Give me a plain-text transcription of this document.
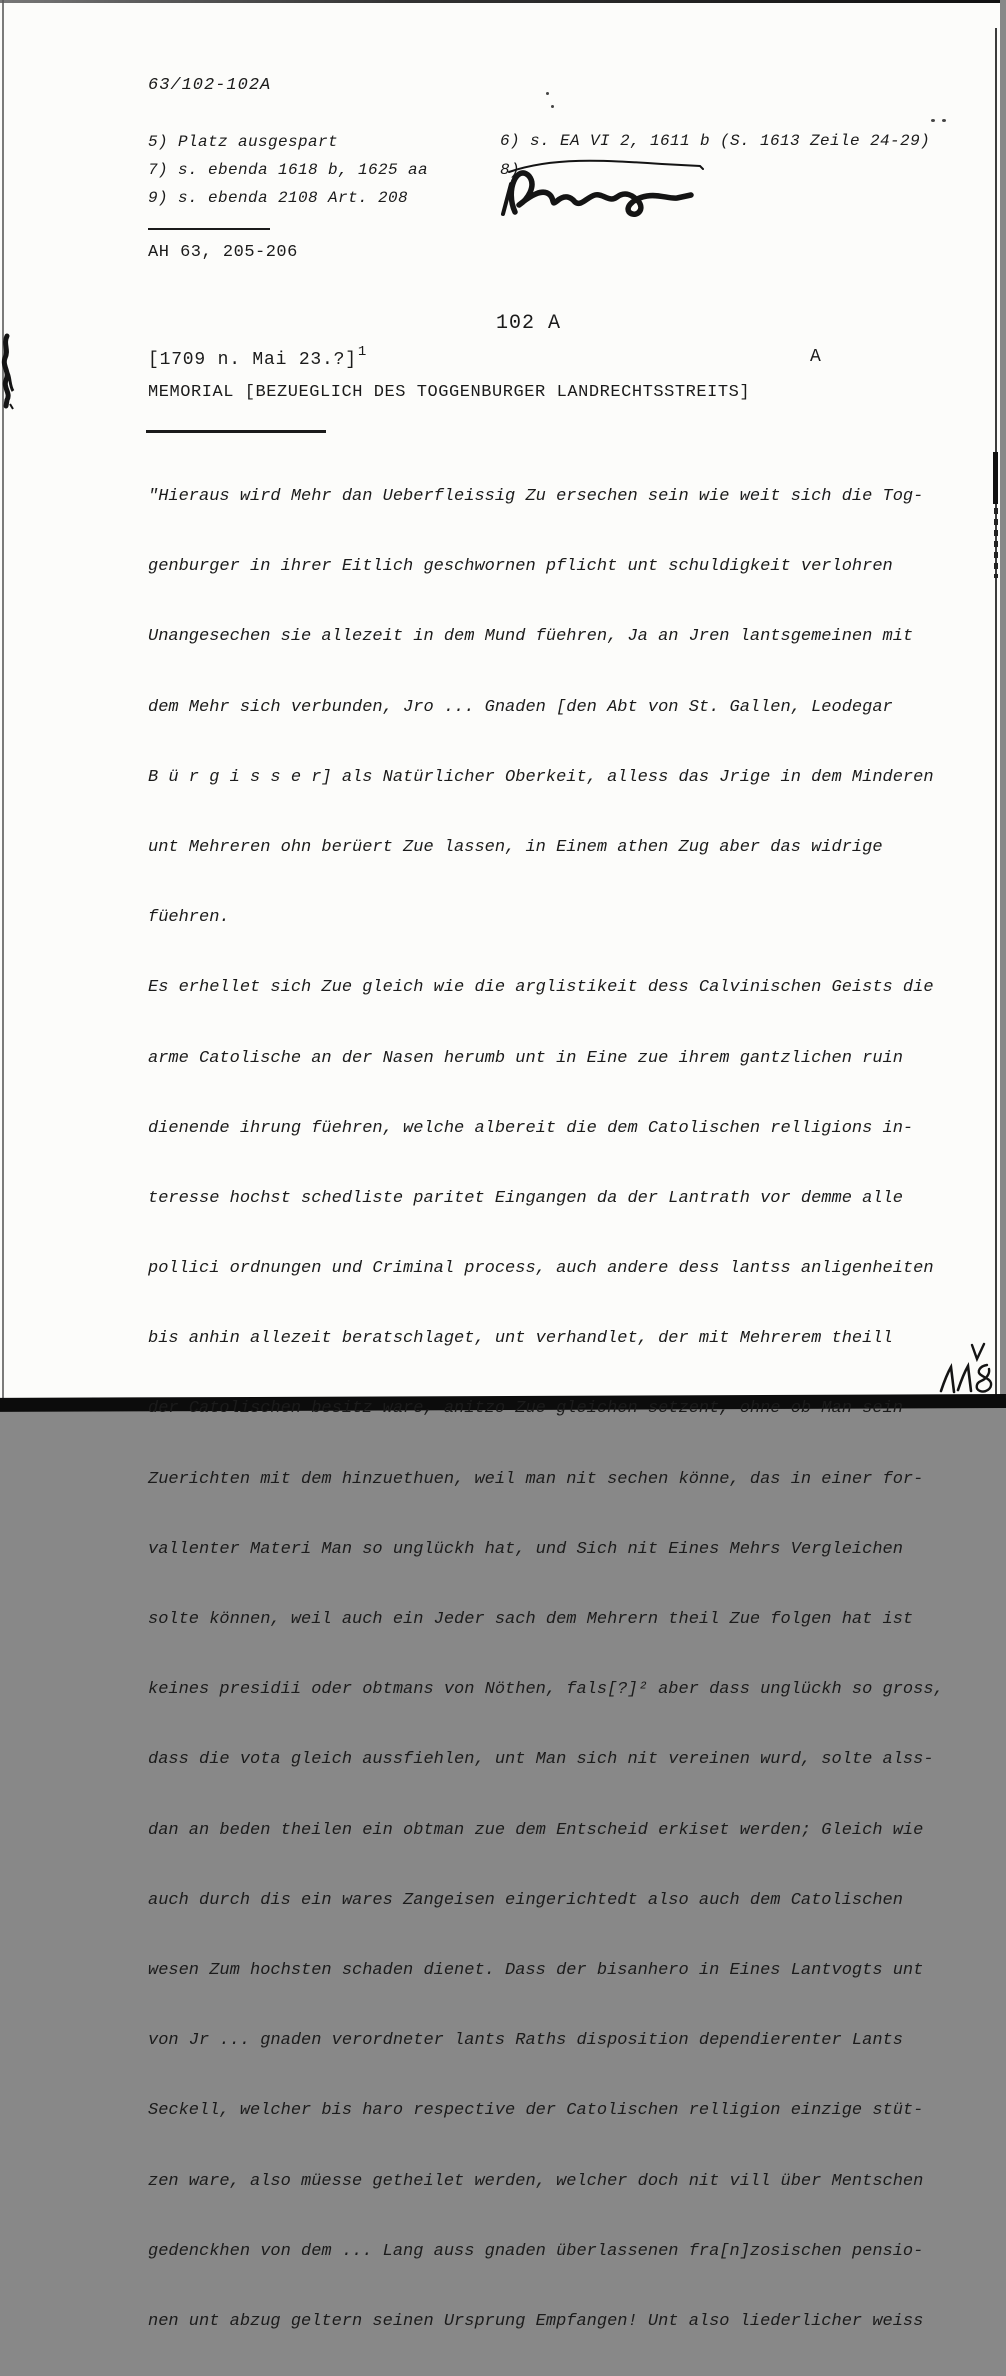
63/102-102A
5) Platz ausgespart
7) s. ebenda 1618 b, 1625 aa
9) s. ebenda 2108 Art. 208
6) s. EA VI 2, 1611 b (S. 1613 Zeile 24-29)
8)
AH 63, 205-206
102 A
[1709 n. Mai 23.?]$^1$	A
MEMORIAL [BEZUEGLICH DES TOGGENBURGER LANDRECHTSSTREITS]

"Hieraus wird Mehr dan Ueberfleissig Zu ersechen sein wie weit sich die Tog-

genburger in ihrer Eitlich geschwornen pflicht unt schuldigkeit verlohren

Unangesechen sie allezeit in dem Mund füehren, Ja an Jren lantsgemeinen mit

dem Mehr sich verbunden, Jro ... Gnaden [den Abt von St. Gallen, Leodegar

B ü r g i s s e r] als Natürlicher Oberkeit, alless das Jrige in dem Minderen

unt Mehreren ohn berüert Zue lassen, in Einem athen Zug aber das widrige

füehren.

Es erhellet sich Zue gleich wie die arglistikeit dess Calvinischen Geists die

arme Catolische an der Nasen herumb unt in Eine zue ihrem gantzlichen ruin

dienende ihrung füehren, welche albereit die dem Catolischen relligions in-

teresse hochst schedliste paritet Eingangen da der Lantrath vor demme alle

pollici ordnungen und Criminal process, auch andere dess lantss anligenheiten

bis anhin allezeit beratschlaget, unt verhandlet, der mit Mehrerem theill

der Catolischen besitz ware, anitzo Zue gleichen setzent, ohne ob Man sein

Zuerichten mit dem hinzuethuen, weil man nit sechen könne, das in einer for-

vallenter Materi Man so unglückh hat, und Sich nit Eines Mehrs Vergleichen

solte können, weil auch ein Jeder sach dem Mehrern theil Zue folgen hat ist

keines presidii oder obtmans von Nöthen, fals[?]² aber dass unglückh so gross,

dass die vota gleich aussfiehlen, unt Man sich nit vereinen wurd, solte alss-

dan an beden theilen ein obtman zue dem Entscheid erkiset werden; Gleich wie

auch durch dis ein wares Zangeisen eingerichtedt also auch dem Catolischen

wesen Zum hochsten schaden dienet. Dass der bisanhero in Eines Lantvogts unt

von Jr ... gnaden verordneter lants Raths disposition dependierenter Lants

Seckell, welcher bis haro respective der Catolischen relligion einzige stüt-

zen ware, also müesse getheilet werden, welcher doch nit vill über Mentschen

gedenckhen von dem ... Lang auss gnaden überlassenen fra[n]zosischen pensio-

nen unt abzug geltern seinen Ursprung Empfangen! Unt also liederlicher weiss
